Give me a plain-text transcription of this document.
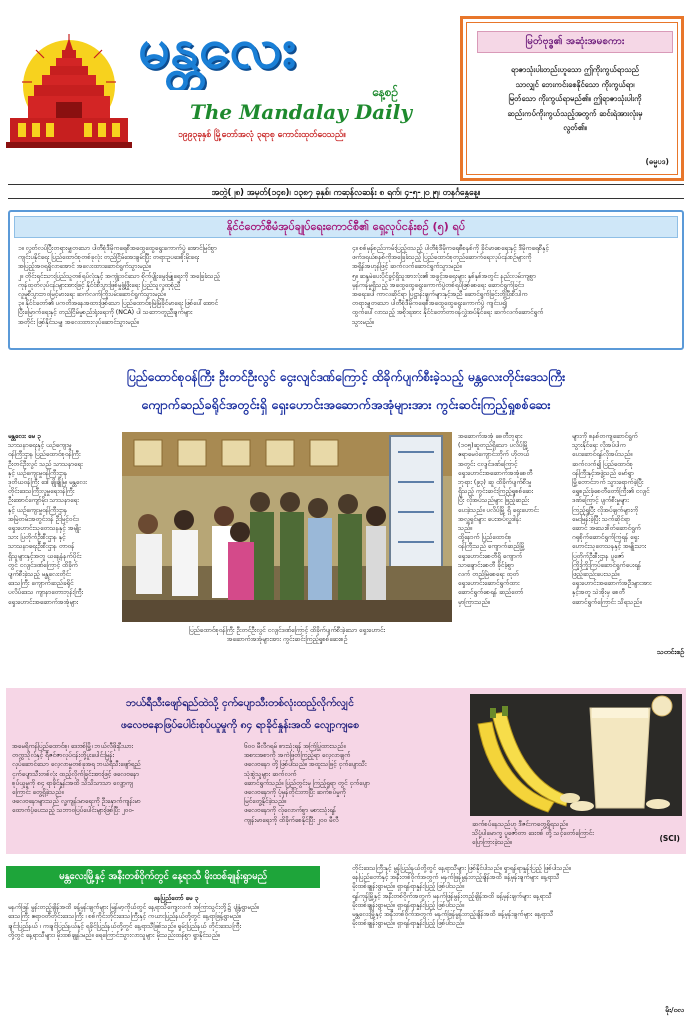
မန္တလေး
နေ့စဉ်
The Mandalay Daily
၁၉၉၃ခုနှစ် မြို့တော်အလုံ ၃ရာစု ကောင်းထုတ်ဝေသည်။
မြတ်ဗုဒ္ဓ၏ အဆုံးအမစကား
ရာဇာသုံးပါးတည်းဟူသော ဤကိုးကွယ်ရာသည်
သာလျှင် ဘေးကင်းစေနိုင်သော ကိုးကွယ်ရာ၊
မြတ်သော ကိုးကွယ်ရာမည်၏။ ဤရာဇာသုံးပါးကို
ဆည်းကပ်ကိုးကွယ်သည့်အတွက် ဆင်းရဲအားလုံးမှ
လွတ်၏။
(ဓမ္မပဒ)
အတွဲ(၂၈) အမှတ်(၁၄၈)၊ ၁၃၈၇ ခုနှစ်၊ ကဆုန်လဆန်း ၈ ရက်၊ ၄-၅-၂၀၂၅၊ တနင်္ဂနွေနေ့။
နိုင်ငံတော်စီမံအုပ်ချုပ်ရေးကောင်စီ၏ ရှေ့လုပ်ငန်းစဉ် (၅) ရပ်
၁။ လွတ်လပ်ပြီးတရားမျှတသော ပါတီစုံဒီမိုကရေစီအထွေထွေရွေးကောက်ပွဲ အောင်မြင်စွာ
ကျင်းပနိုင်ရေး ပြည်ထောင်စုတစ်ခုလုံး တည်ငြိမ်အေးချမ်းပြီး တရားဥပဒေစိုးမိုးရေး
အပြည့်အဝရရှိလာအောင် အလေးထားဆောင်ရွက်သွားမည်။
၂။ တိုင်းရင်းသားပြည်သူတစ်ရပ်လုံးနှင့် အကျုံးဝင်သော စိုက်ပျိုးမွေးမြူရေးကို အခြေခံသည့်
ကုန်ထုတ်လုပ်ငန်းများအားဖြင့် နိုင်ငံစီးပွားဖြစ်မှုဖွံ့ဖြိုးရေး ပြည်သူလူထုစုံညီ
လူမှုစီးပွားဘဝမြင့်မားရေး ဆက်လက်ကြိုးပမ်းဆောင်ရွက်သွားမည်။
၃။ နိုင်ငံတော်၏ ပကတိအနေအထားဖြစ်သော ပြည်ထောင်စုမြဲမြံခိုင်မာရေး ဖြစ်ပေါ်အောင်
ပြီးမြောက်ရေးနှင့် တည်ငြိမ်မှုစည်းရုံးရေးကို (NCA) ပါ သဘောတူညီချက်များ
အတိုင်း ဖြစ်နိုင်သမျှ အလေးထားလုပ်ဆောင်သွားမည်။
၄။ စစ်မှန်စည်းကမ်းပြည့်ဝသည့် ပါတီစုံဒီမိုကရေစီစနစ်ကို ခိုင်မာစေရေးနှင့် ဒီမိုကရေစီနှင့်
ဖက်ဒရယ်စနစ်ကိုအခြေခံသည့် ပြည်ထောင်စုတည်ဆောက်ရေးလုပ်ငန်းစဉ်များကို
အရှိန်အဟုန်ဖြင့် ဆက်လက်ဆောင်ရွက်သွားမည်။
၅။ ဆန္ဒမဲပေးပိုင်ခွင့်ရှိသူအားလုံး၏ အခွင့်အရေးများ နှစ်နှစ်အတွင်း နည်းလမ်းကျစွာ
မှန်ကန်မှုရှိသည့် အထွေထွေရွေးကောက်ပွဲတစ်ရပ်ဖြစ်စေရေး ဆောင်ရွက်ခြင်း၊
အရေးပေါ်ကာလဆိုင်ရာ ပြဋ္ဌာန်းချက်များနှင့်အညီ ဆောင်ရွက်ခြင်းတို့ပြီးစီးပါက
တရားမျှတသော ပါတီစုံဒီမိုကရေစီအထွေထွေရွေးကောက်ပွဲ ကျင်းပ၍
ထွက်ပေါ်လာသည့် အစိုးရအား နိုင်ငံတော်တာဝန်လွှဲအပ်နိုင်ရေး ဆက်လက်ဆောင်ရွက်
သွားမည်။
ပြည်ထောင်စုဝန်ကြီး ဦးတင်ဦးလွင် ငွေးလျင်ဒဏ်ကြောင့် ထိခိုက်ပျက်စီးခဲ့သည့် မန္တလေးတိုင်းဒေသကြီး
ကျောက်ဆည်ခရိုင်အတွင်းရှိ ရှေးဟောင်းအဆောက်အအုံများအား ကွင်းဆင်းကြည့်ရှုစစ်ဆေး
မန္တလေး မေ ၃
သာသနာရေးနှင့် ယဉ်ကျေးမှု
ဝန်ကြီးဌာန ပြည်ထောင်စုဝန်ကြီး
ဦးတင်ဦးလွင် သည် သာသနာရေး
နှင့် ယဉ်ကျေးမှုဝန်ကြီးဌာန
ဒုတိယဝန်ကြီး ဒေါ်ချိုချိုမြ၊ မန္တလေး
တိုင်းဒေသကြီးလူမှုရေးဝန်ကြီး
ဦးအောင်ကျော်မိုး၊ သာသနာရေး
နှင့် ယဉ်ကျေးမှုဝန်ကြီးဌာန
အမြဲတမ်းအတွင်းဝန် ဦးမြင့်ဝင်း၊
ရှေးဟောင်းသုတေသနနှင့် အမျိုး
သား ပြတိုက်ဦးစီးဌာန နှင့်
သာသနာရေးဦးစီးဌာန တာဝန်
ရှိသူများနှင့်အတူ ယနေ့နံနက်ပိုင်း
တွင် ငလျင်ဒဏ်ကြောင့် ထိခိုက်
ပျက်စီးခဲ့သည့် မန္တလေးတိုင်း
ဒေသကြီး ကျောက်ဆည်ခရိုင်
ပလိပ်ဒေသ ကျာနာတောဘုန်းကြီး
ရှေးဟောင်းအဆောက်အအုံများ
ပြည်ထောင်စုဝန်ကြီး ဦးတင်ဦးလွင် ငလျင်ဒဏ်ကြောင့် ထိခိုက်ပျက်စီးခဲ့သော ရှေးဟောင်း
အဆောက်အအုံများအား ကွင်းဆင်းကြည့်ရှုစစ်ဆေးစဉ်
အဆောက်အအုံ ဓေတီဘုရား
(၁၀၅)ဆူတည်ရှိသော ပလိပ်မြို့
ဧရာမေဝဲကျောင်းတိုက် ဟိုတယ်
အတွင်း ငလျင်ဒဏ်ကြောင့်
ရှေးဟောင်းအဆောက်အအုံစေတီ
ဘုရား (၉၃) ဆူ ထိခိုက်ပျက်စီးမှု
ရှိသည့် ကွင်းဆင်းကြည့်ရှုစစ်ဆေး
ပြီး လိုအပ်သည်များ ဖြည့်ဆည်း
ပေးခဲ့သည်။ ပလိပ်မြို့ ရှိ ရှေးဟောင်း
အလှူရှင်များ ပေးအပ်လှူဒါန်း
သည်။
ထို့နောက် ပြည်ထောင်စု
ဝန်ကြီးသည် ကျောက်ဆည်မြို့
ရှေးဟောင်းစေတီရှိ ကျောက်
သာချောင်းစေတီ ခိုင်ခံ့စွာ
လက် တည်မြဲစေရေး ထုတ်
ရှေးဟောင်းဆောင်ရွက်ထား
ဆောင်ရွက်စေရန် ဆည်တော်
မှာကြားသည်။
များကို စနစ်တကျဆောင်ရွက်
သွားနိုင်ရေး လိုအပ်ပါက
ပေးဆောင်ရန်လိုအပ်သည်။
ဆက်လက်၍ ပြည်ထောင်စု
ဝန်ကြီးနှင့်အဖွဲ့သည် မော်ရွာ
မြို့တောင်ဘက် သွားရောက်ခဲ့ပြီး
ရွှေစည်းခုံစေတီတော်ကြီး၏ ငလျင်
ဒဏ်ကြောင့် ပျက်စီးမှုများ
ကြည့်ရှုပြီး လိုအပ်ချက်များကို
မေးမြန်းခဲ့ပြီး သက်ဆိုင်ရာ
ဆောင် အသေးစိတ်ဆောင်ရွက်
ဂရုစိုက်ဆောင်ရွက်ကြရန် ရှေး
ဟောင်းသုတေသနနှင့် အမျိုးသား
ပြတိုက်ဦးစီးဌာန ပူဇော်
ကြိုးကြိုးကြပ်ဆောင်ရွက်ပေးရန်
ဖြည့်ဆည်းပေးသည်။
ရှေးဟောင်းအဆောက်အဦးများအား
နှင့်အတူ သဲအိုးမှ စေတီ
ဆောင်ရွက်ကြောင်း သိရသည်။
သတင်းစဉ်
ဘယ်ရီသီးဖျော်ရည်ထဲသို့ ငှက်ပျောသီးတစ်လုံးထည့်လိုက်လျှင်
ဖလေဗနောဖြပ်ပေါင်းစုပ်ယူမှုကို ၈၄ ရာခိုင်နှုန်းအထိ လျော့ကျစေ
အမေရိကန်ပြည်ထောင်စု၊ ဒေးဗစ်မြို့၊ ဘယ်လီဖိုးနီးယား
တက္ကသိုလ်နှင့် ရီဇင်ဇာလုပ်ငန်းတို့ပူးပေါင်းမြန်း
လုပ်ဆောင်သော လေ့လာမှုတစ်ခုအရ ဘယ်ရီသီးဖျော်ရည်
ငှက်ပျောသီးတစ်လုံး ထည့်လိုက်ခြင်းအားဖြင့် ဖလေဗနော
စုပ်ယူမှုကို ၈၄ ရာခိုင်နှုန်းအထိ သိသိသာသာ လျော့ကျ
ကြောင်း တွေ့ရှိခဲ့သည်။
ဖလေဗနောများသည် လူ့ကျန်းမာရေးကို ဦးနှောက်ကျန်းမာ
ထောက်ပံ့ပေးသည့် သဘာဝပြပ်ပေါင်းများဖြစ်ပြီး ၂၀၀-
၆၀၀ မီလီဂရမ် စားသုံးရန် အကြံပြုထားသည်။
အစားအစာကို အကဲဖြတ်ကြည့်ရာ လေ့လာချက်
ဖလေဗနော တို့ ဖြစ်ပါသည်။ အထူးသဖြင့် ငှက်ပျောသီး
သုံးစွဲသူများ ဆက်လက်
ဆောင်ရွက်သည်။ ပြည်တွင်းမှ ကြည့်ရှုရာ တွင် ငှက်ပျော
ဖလေဗနောကို ပုံမှန်တိုင်းတာပြီး ဆက်စပ်မှုကို
မြင်တွေ့နိုင်ခဲ့သည်။
ဖလေဗနောကို လုံလောက်စွာ မစားသုံးရန်
ကျန်းမာရေးကို ထိခိုက်စေနိုင်ပြီး ၂၀၀ မီလီ
ဆက်စပ်နေသည်ဟု ဒီဇင်းကတွေ့ရှိရသည်။
သိပ္ပံပါမောက္ခ ပူဇော်တာ ဒေးဗစ် တို့ သင့်တော်ကြောင်း
ပြောကြားခဲ့သည်။	(SCI)
မန္တလေးမြို့နှင့် အနီးတစ်ဝိုက်တွင် နေ့ရာသီ မိုးထစ်ချုန်းရွာမည်
နေပြည်တော် မေ ၃
မနက်ဖြန် မွန်းတည့်ချိန်အထိ ခန့်မှန်းချက်များ မြန်မာ့ကိုယ်တွင် နေ့ရာသီကျေးလက် အကြာသွင်းတို့၌ ပျံ့နှံ့ရွာမည်။
ဒေသကြီး ဧရာဝတီတိုင်းဒေသကြီး ၊ စစ်ကိုင်းတိုင်းဒေသကြီးနှင့် ကယားပြည်နယ်တို့တွင် နေ့ရာဖြန့်ရွာမည်။
ချင်းပြည်နယ် ၊ ကချင်ပြည်နယ်နှင့် ရခိုင်ပြည်နယ်တို့တွင် နေ့ရာသီဖြစ်သည်။ ရှမ်းပြည်နယ် တိုင်းဒေသကြီး
တို့တွင် နေ့ရာသီများ၊ မိုးထစ်ချုန်းမည်။ ရေကြောင်းသွားလာသူများ မိုးသည်းထန်စွာ ရွာနိုင်သည်။
တိုင်းဒေသကြီးနှင့် မွန်ပြည်နယ်တို့တွင် နေ့ရာသီများ ဖြစ်နိုင်ပါသည်။ ရှာရန်ရာနှုန်းပြည့် ဖြစ်ပါသည်။
နေပြည်တော်နှင့် အနီးတစ်ဝိုက်အတွက် မနက်ဖြန်မွန်းတည့်ချိန်အထိ ခန့်မှန်းချက်များ နေ့ရာသီ
မိုးထစ်ချုန်းရွာမည်။ ရှာရန်ရာနှုန်းပြည့် ဖြစ်ပါသည်။
ရန်ကုန်မြို့နှင့် အနီးတစ်ဝိုက်အတွက် မနက်ဖြန်မွန်းတည့်ချိန်အထိ ခန့်မှန်းချက်များ နေ့ရာသီ
မိုးထစ်ချုန်းရွာမည်။ ရှာရန်ရာနှုန်းပြည့် ဖြစ်ပါသည်။
မန္တလေးမြို့နှင့် အနီးတစ်ဝိုက်အတွက် မနက်ဖြန်မွန်းတည့်ချိန်အထိ ခန့်မှန်းချက်များ နေ့ရာသီ
မိုးထစ်ချုန်းရွာမည်။ ရှာရန်ရာနှုန်းပြည့် ဖြစ်ပါသည်။
မိုး/ဝလ
